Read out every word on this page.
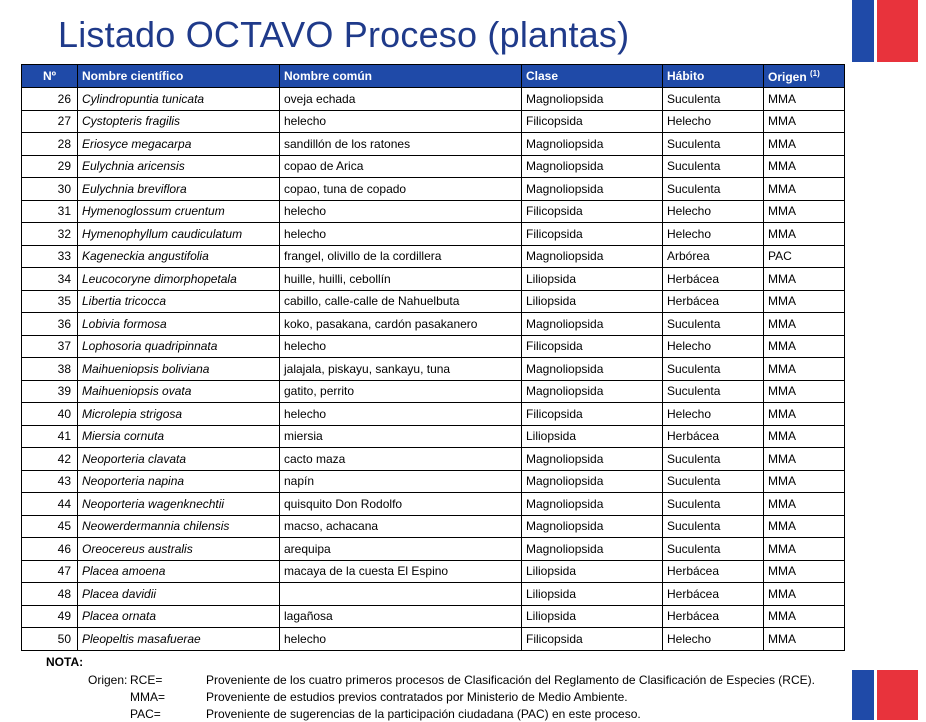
Listado OCTAVO Proceso (plantas)
Nº	Nombre científico	Nombre común	Clase	Hábito	Origen $^{(1)}$
26	Cylindropuntia tunicata	oveja echada	Magnoliopsida	Suculenta	MMA
27	Cystopteris fragilis	helecho	Filicopsida	Helecho	MMA
28	Eriosyce megacarpa	sandillón de los ratones	Magnoliopsida	Suculenta	MMA
29	Eulychnia aricensis	copao de Arica	Magnoliopsida	Suculenta	MMA
30	Eulychnia breviflora	copao, tuna de copado	Magnoliopsida	Suculenta	MMA
31	Hymenoglossum cruentum	helecho	Filicopsida	Helecho	MMA
32	Hymenophyllum caudiculatum	helecho	Filicopsida	Helecho	MMA
33	Kageneckia angustifolia	frangel, olivillo de la cordillera	Magnoliopsida	Arbórea	PAC
34	Leucocoryne dimorphopetala	huille, huilli, cebollín	Liliopsida	Herbácea	MMA
35	Libertia tricocca	cabillo, calle-calle de Nahuelbuta	Liliopsida	Herbácea	MMA
36	Lobivia formosa	koko, pasakana, cardón pasakanero	Magnoliopsida	Suculenta	MMA
37	Lophosoria quadripinnata	helecho	Filicopsida	Helecho	MMA
38	Maihueniopsis boliviana	jalajala, piskayu, sankayu, tuna	Magnoliopsida	Suculenta	MMA
39	Maihueniopsis ovata	gatito, perrito	Magnoliopsida	Suculenta	MMA
40	Microlepia strigosa	helecho	Filicopsida	Helecho	MMA
41	Miersia cornuta	miersia	Liliopsida	Herbácea	MMA
42	Neoporteria clavata	cacto maza	Magnoliopsida	Suculenta	MMA
43	Neoporteria napina	napín	Magnoliopsida	Suculenta	MMA
44	Neoporteria wagenknechtii	quisquito Don Rodolfo	Magnoliopsida	Suculenta	MMA
45	Neowerdermannia chilensis	macso, achacana	Magnoliopsida	Suculenta	MMA
46	Oreocereus australis	arequipa	Magnoliopsida	Suculenta	MMA
47	Placea amoena	macaya de la cuesta El Espino	Liliopsida	Herbácea	MMA
48	Placea davidii		Liliopsida	Herbácea	MMA
49	Placea ornata	lagañosa	Liliopsida	Herbácea	MMA
50	Pleopeltis masafuerae	helecho	Filicopsida	Helecho	MMA
NOTA:
Origen: RCE=	Proveniente de los cuatro primeros procesos de Clasificación del Reglamento de Clasificación de Especies (RCE).
MMA=	Proveniente de estudios previos contratados por Ministerio de Medio Ambiente.
PAC=	Proveniente de sugerencias de la participación ciudadana (PAC) en este proceso.
